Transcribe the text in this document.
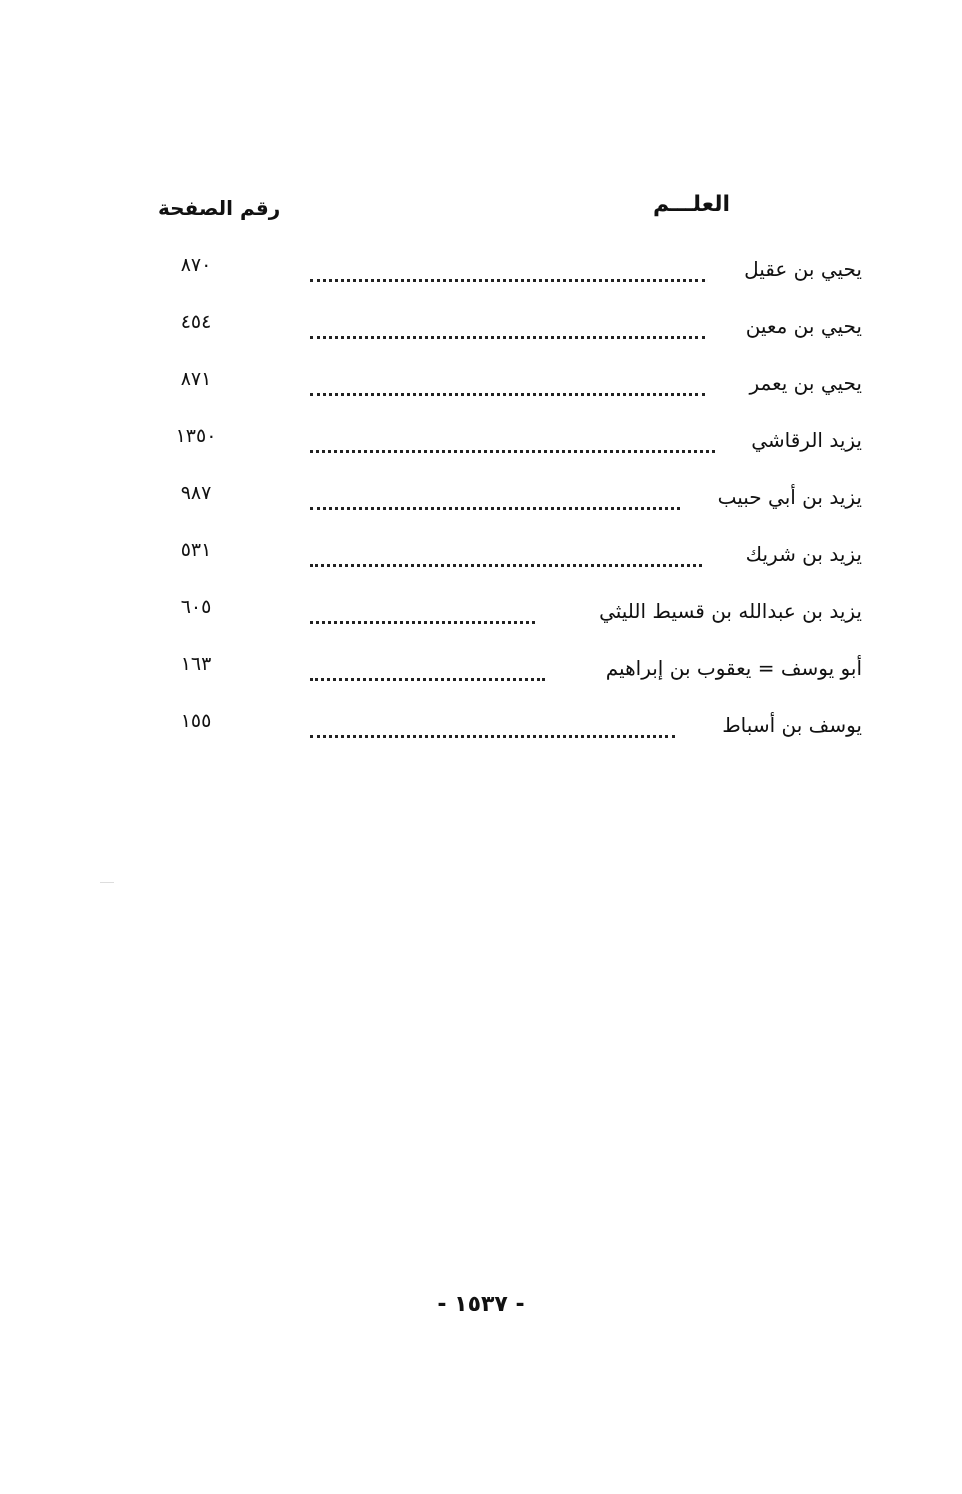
العلـــم
رقم الصفحة
يحيي بن عقيل
٨٧٠
يحيي بن معين
٤٥٤
يحيي بن يعمر
٨٧١
يزيد الرقاشي
١٣٥٠
يزيد بن أبي حبيب
٩٨٧
يزيد بن شريك
٥٣١
يزيد بن عبدالله بن قسيط الليثي
٦٠٥
أبو يوسف = يعقوب بن إبراهيم
١٦٣
يوسف بن أسباط
١٥٥
- ١٥٣٧ -
